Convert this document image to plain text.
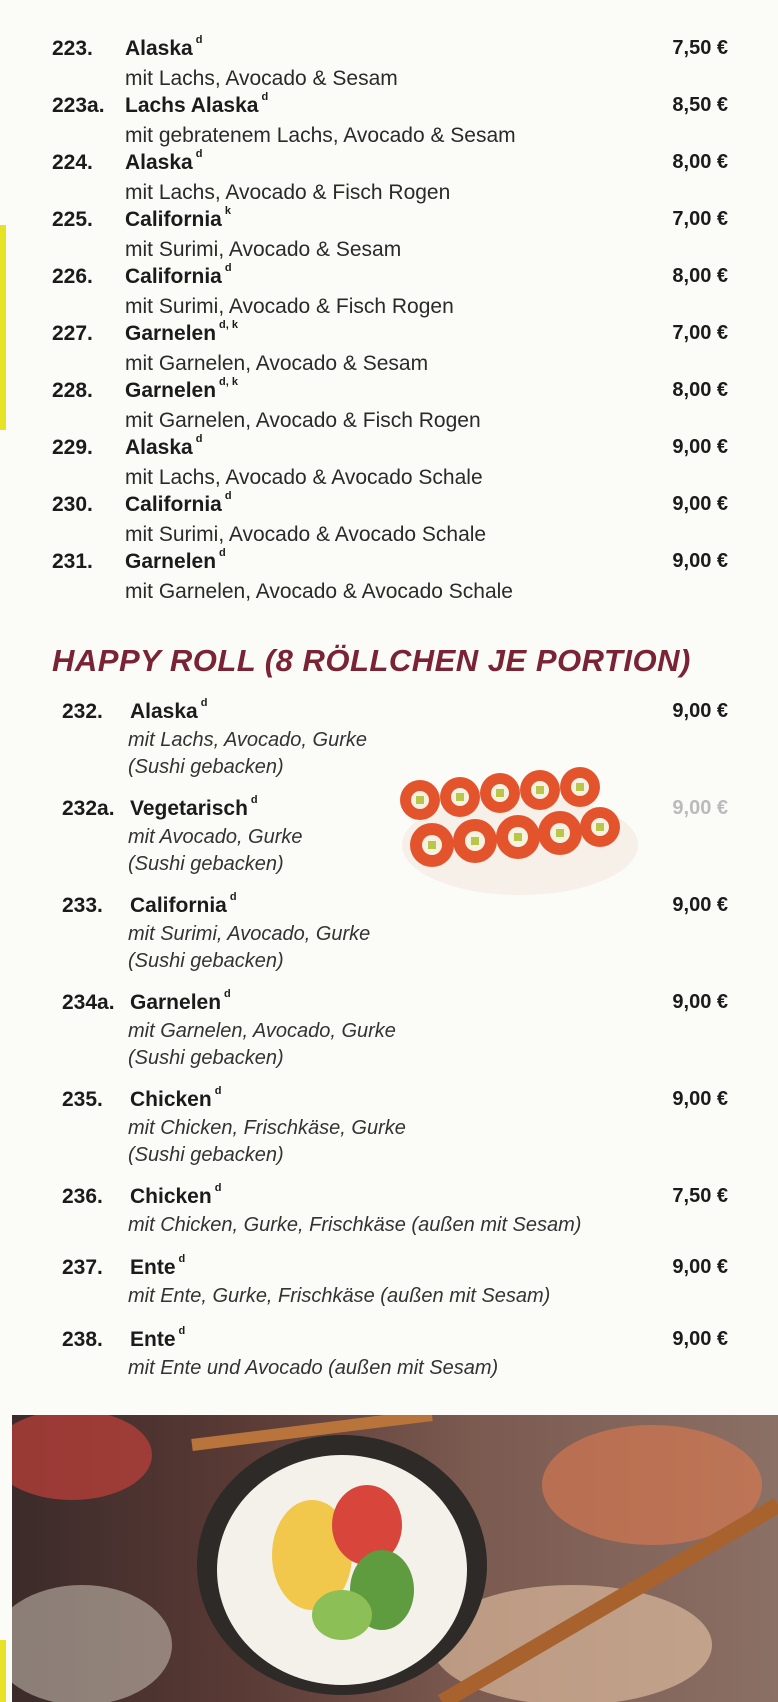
223. Alaska $^d$	7,50 €
mit Lachs, Avocado & Sesam
223a. Lachs Alaska $^d$	8,50 €
mit gebratenem Lachs, Avocado & Sesam
224. Alaska $^d$	8,00 €
mit Lachs, Avocado & Fisch Rogen
225. California $^k$	7,00 €
mit Surimi, Avocado & Sesam
226. California $^d$	8,00 €
mit Surimi, Avocado & Fisch Rogen
227. Garnelen $^{d, k}$	7,00 €
mit Garnelen, Avocado & Sesam
228. Garnelen $^{d, k}$	8,00 €
mit Garnelen, Avocado & Fisch Rogen
229. Alaska $^d$	9,00 €
mit Lachs, Avocado & Avocado Schale
230. California $^d$	9,00 €
mit Surimi, Avocado & Avocado Schale
231. Garnelen $^d$	9,00 €
mit Garnelen, Avocado & Avocado Schale
HAPPY ROLL (8 RÖLLCHEN JE PORTION)
232. Alaska $^d$	9,00 €
mit Lachs, Avocado, Gurke
(Sushi gebacken)
232a. Vegetarisch $^d$	9,00 €
mit Avocado, Gurke
(Sushi gebacken)
233. California $^d$	9,00 €
mit Surimi, Avocado, Gurke
(Sushi gebacken)
234a. Garnelen $^d$	9,00 €
mit Garnelen, Avocado, Gurke
(Sushi gebacken)
235. Chicken $^d$	9,00 €
mit Chicken, Frischkäse, Gurke
(Sushi gebacken)
236. Chicken $^d$	7,50 €
mit Chicken, Gurke, Frischkäse (außen mit Sesam)
237. Ente $^d$	9,00 €
mit Ente, Gurke, Frischkäse (außen mit Sesam)
238. Ente $^d$	9,00 €
mit Ente und Avocado (außen mit Sesam)
